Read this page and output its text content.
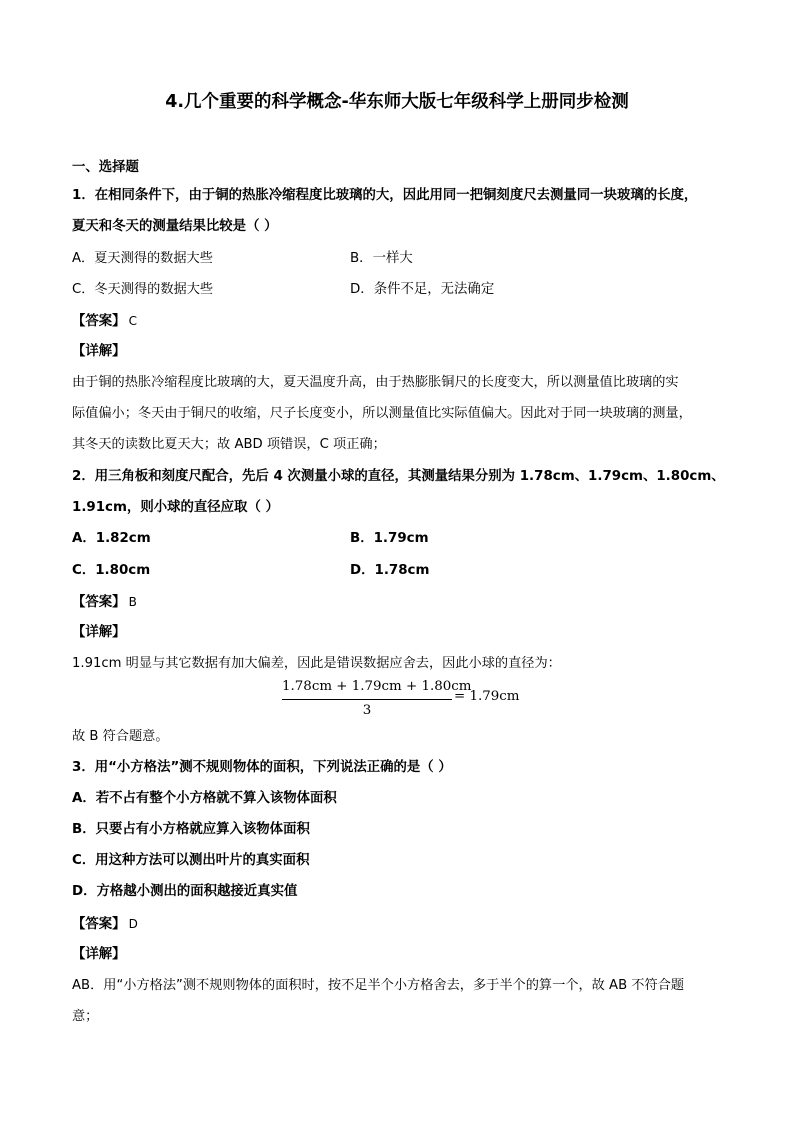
4.几个重要的科学概念-华东师大版七年级科学上册同步检测
一、选择题
1．在相同条件下，由于铜的热胀冷缩程度比玻璃的大，因此用同一把铜刻度尺去测量同一块玻璃的长度，
夏天和冬天的测量结果比较是（ ）
A．夏天测得的数据大些	B．一样大
C．冬天测得的数据大些	D．条件不足，无法确定
【答案】 C
【详解】
由于铜的热胀冷缩程度比玻璃的大，夏天温度升高，由于热膨胀铜尺的长度变大，所以测量值比玻璃的实
际值偏小；冬天由于铜尺的收缩，尺子长度变小，所以测量值比实际值偏大。因此对于同一块玻璃的测量，
其冬天的读数比夏天大；故 ABD 项错误，C 项正确；
2．用三角板和刻度尺配合，先后 4 次测量小球的直径，其测量结果分别为 1.78cm、1.79cm、1.80cm、
1.91cm，则小球的直径应取（ ）
A．1.82cm	B．1.79cm
C．1.80cm	D．1.78cm
【答案】 B
【详解】
1.91cm 明显与其它数据有加大偏差，因此是错误数据应舍去，因此小球的直径为：
1.78cm + 1.79cm + 1.80cm
3
= 1.79cm
故 B 符合题意。
3．用“小方格法”测不规则物体的面积，下列说法正确的是（ ）
A．若不占有整个小方格就不算入该物体面积
B．只要占有小方格就应算入该物体面积
C．用这种方法可以测出叶片的真实面积
D．方格越小测出的面积越接近真实值
【答案】 D
【详解】
AB．用“小方格法”测不规则物体的面积时，按不足半个小方格舍去，多于半个的算一个，故 AB 不符合题
意；
